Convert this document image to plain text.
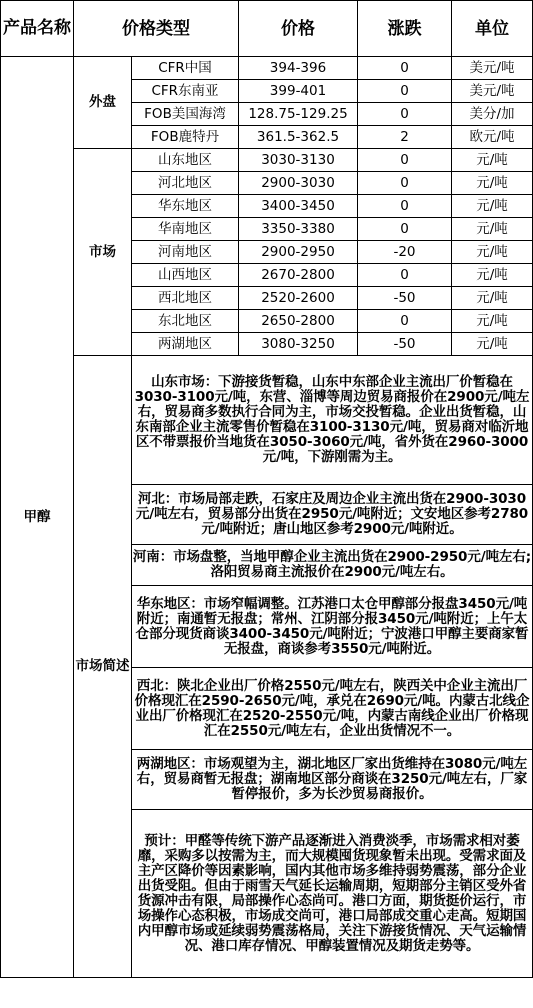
产品名称	价格类型		价格	涨跌	单位
甲醇	外盘	CFR中国	394-396	0	美元/吨
		CFR东南亚	399-401	0	美元/吨
		FOB美国海湾	128.75-129.25	0	美分/加
		FOB鹿特丹	361.5-362.5	2	欧元/吨
	市场	山东地区	3030-3130	0	元/吨
		河北地区	2900-3030	0	元/吨
		华东地区	3400-3450	0	元/吨
		华南地区	3350-3380	0	元/吨
		河南地区	2900-2950	-20	元/吨
		山西地区	2670-2800	0	元/吨
		西北地区	2520-2600	-50	元/吨
		东北地区	2650-2800	0	元/吨
		两湖地区	3080-3250	-50	元/吨
	市场简述	山东市场：下游接货暂稳，山东中东部企业主流出厂价暂稳在3030-3100元/吨，东营、淄博等周边贸易商报价在2900元/吨左右，贸易商多数执行合同为主，市场交投暂稳。企业出货暂稳，山东南部企业主流零售价暂稳在3100-3130元/吨，贸易商对临沂地区不带票报价当地货在3050-3060元/吨，省外货在2960-3000元/吨，下游刚需为主。			
		河北：市场局部走跌，石家庄及周边企业主流出货在2900-3030元/吨左右，贸易部分出货在2950元/吨附近；文安地区参考2780元/吨附近；唐山地区参考2900元/吨附近。			
		河南：市场盘整，当地甲醇企业主流出货在2900-2950元/吨左右;洛阳贸易商主流报价在2900元/吨左右。			
		华东地区：市场窄幅调整。江苏港口太仓甲醇部分报盘3450元/吨附近；南通暂无报盘；常州、江阴部分报3450元/吨附近；上午太仓部分现货商谈3400-3450元/吨附近；宁波港口甲醇主要商家暂无报盘，商谈参考3550元/吨附近。			
		西北：陕北企业出厂价格2550元/吨左右，陕西关中企业主流出厂价格现汇在2590-2650元/吨，承兑在2690元/吨。内蒙古北线企业出厂价格现汇在2520-2550元/吨，内蒙古南线企业出厂价格现汇在2550元/吨左右，企业出货情况不一。			
		两湖地区：市场观望为主，湖北地区厂家出货维持在3080元/吨左右，贸易商暂无报盘；湖南地区部分商谈在3250元/吨左右，厂家暂停报价，多为长沙贸易商报价。			
		预计：甲醛等传统下游产品逐渐进入消费淡季，市场需求相对萎靡，采购多以按需为主，而大规模囤货现象暂未出现。受需求面及主产区降价等因素影响，国内其他市场多维持弱势震荡，部分企业出货受阻。但由于雨雪天气延长运输周期，短期部分主销区受外省货源冲击有限，局部操作心态尚可。港口方面，期货挺价运行，市场操作心态积极，市场成交尚可，港口局部成交重心走高。短期国内甲醇市场或延续弱势震荡格局，关注下游接货情况、天气运输情况、港口库存情况、甲醇装置情况及期货走势等。			
